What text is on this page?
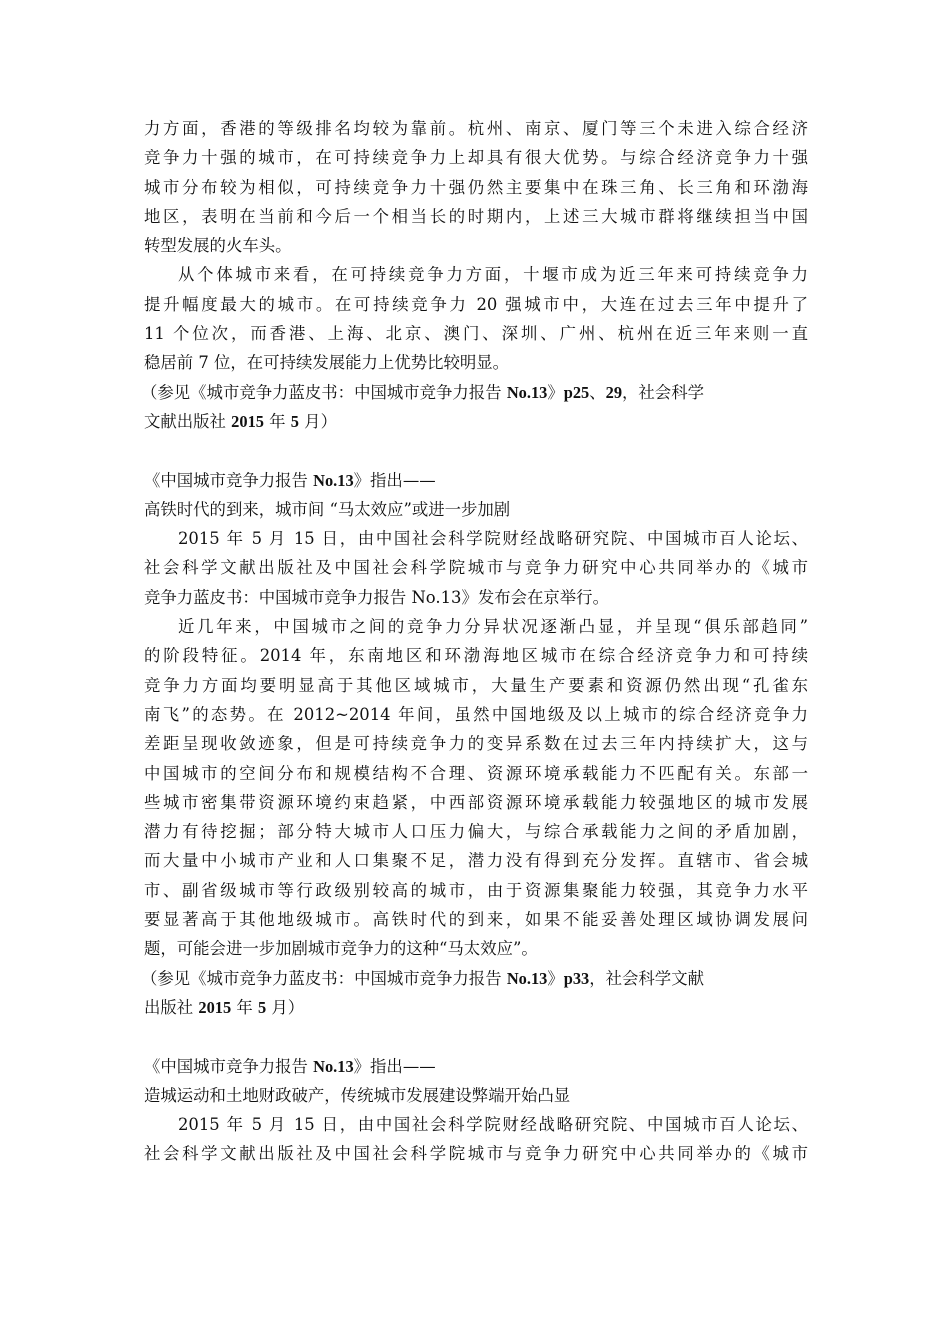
力方面，香港的等级排名均较为靠前。杭州、南京、厦门等三个未进入综合经济
竞争力十强的城市，在可持续竞争力上却具有很大优势。与综合经济竞争力十强
城市分布较为相似，可持续竞争力十强仍然主要集中在珠三角、长三角和环渤海
地区，表明在当前和今后一个相当长的时期内，上述三大城市群将继续担当中国
转型发展的火车头。
从个体城市来看，在可持续竞争力方面，十堰市成为近三年来可持续竞争力
提升幅度最大的城市。在可持续竞争力 20 强城市中，大连在过去三年中提升了
11 个位次，而香港、上海、北京、澳门、深圳、广州、杭州在近三年来则一直
稳居前 7 位，在可持续发展能力上优势比较明显。
（参见《城市竞争力蓝皮书：中国城市竞争力报告 No.13》p25、29，社会科学
文献出版社 2015 年 5 月）
《中国城市竞争力报告 No.13》指出——
高铁时代的到来，城市间 “马太效应”或进一步加剧
2015 年 5 月 15 日，由中国社会科学院财经战略研究院、中国城市百人论坛、
社会科学文献出版社及中国社会科学院城市与竞争力研究中心共同举办的《城市
竞争力蓝皮书：中国城市竞争力报告 No.13》发布会在京举行。
近几年来，中国城市之间的竞争力分异状况逐渐凸显，并呈现“俱乐部趋同”
的阶段特征。2014 年，东南地区和环渤海地区城市在综合经济竞争力和可持续
竞争力方面均要明显高于其他区域城市，大量生产要素和资源仍然出现“孔雀东
南飞”的态势。在 2012~2014 年间，虽然中国地级及以上城市的综合经济竞争力
差距呈现收敛迹象，但是可持续竞争力的变异系数在过去三年内持续扩大，这与
中国城市的空间分布和规模结构不合理、资源环境承载能力不匹配有关。东部一
些城市密集带资源环境约束趋紧，中西部资源环境承载能力较强地区的城市发展
潜力有待挖掘；部分特大城市人口压力偏大，与综合承载能力之间的矛盾加剧，
而大量中小城市产业和人口集聚不足，潜力没有得到充分发挥。直辖市、省会城
市、副省级城市等行政级别较高的城市，由于资源集聚能力较强，其竞争力水平
要显著高于其他地级城市。高铁时代的到来，如果不能妥善处理区域协调发展问
题，可能会进一步加剧城市竞争力的这种“马太效应”。
（参见《城市竞争力蓝皮书：中国城市竞争力报告 No.13》p33，社会科学文献
出版社 2015 年 5 月）
《中国城市竞争力报告 No.13》指出——
造城运动和土地财政破产，传统城市发展建设弊端开始凸显
2015 年 5 月 15 日，由中国社会科学院财经战略研究院、中国城市百人论坛、
社会科学文献出版社及中国社会科学院城市与竞争力研究中心共同举办的《城市
